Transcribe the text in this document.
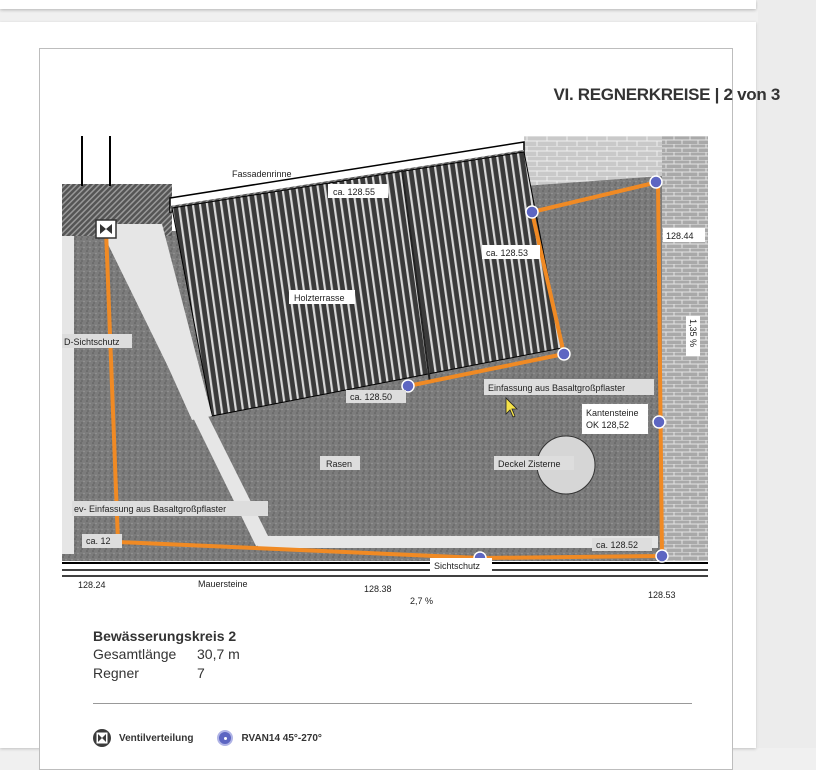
VI. REGNERKREISE | 2 von 3
Fassadenrinne
ca. 128.55
ca. 128.53
128.44
1,35 %
Holzterrasse
D-Sichtschutz
ca. 128.50
Einfassung aus Basaltgroßpflaster
Kantensteine
OK 128,52
Rasen	Deckel Zisterne
ev- Einfassung aus Basaltgroßpflaster
ca. 12	ca. 128.52
Sichtschutz
128.24	Mauersteine	128.38
2,7 %
128.53
Bewässerungskreis 2
Gesamtlänge	30,7 m
Regner	7
Ventilverteilung	RVAN14 45°-270°
